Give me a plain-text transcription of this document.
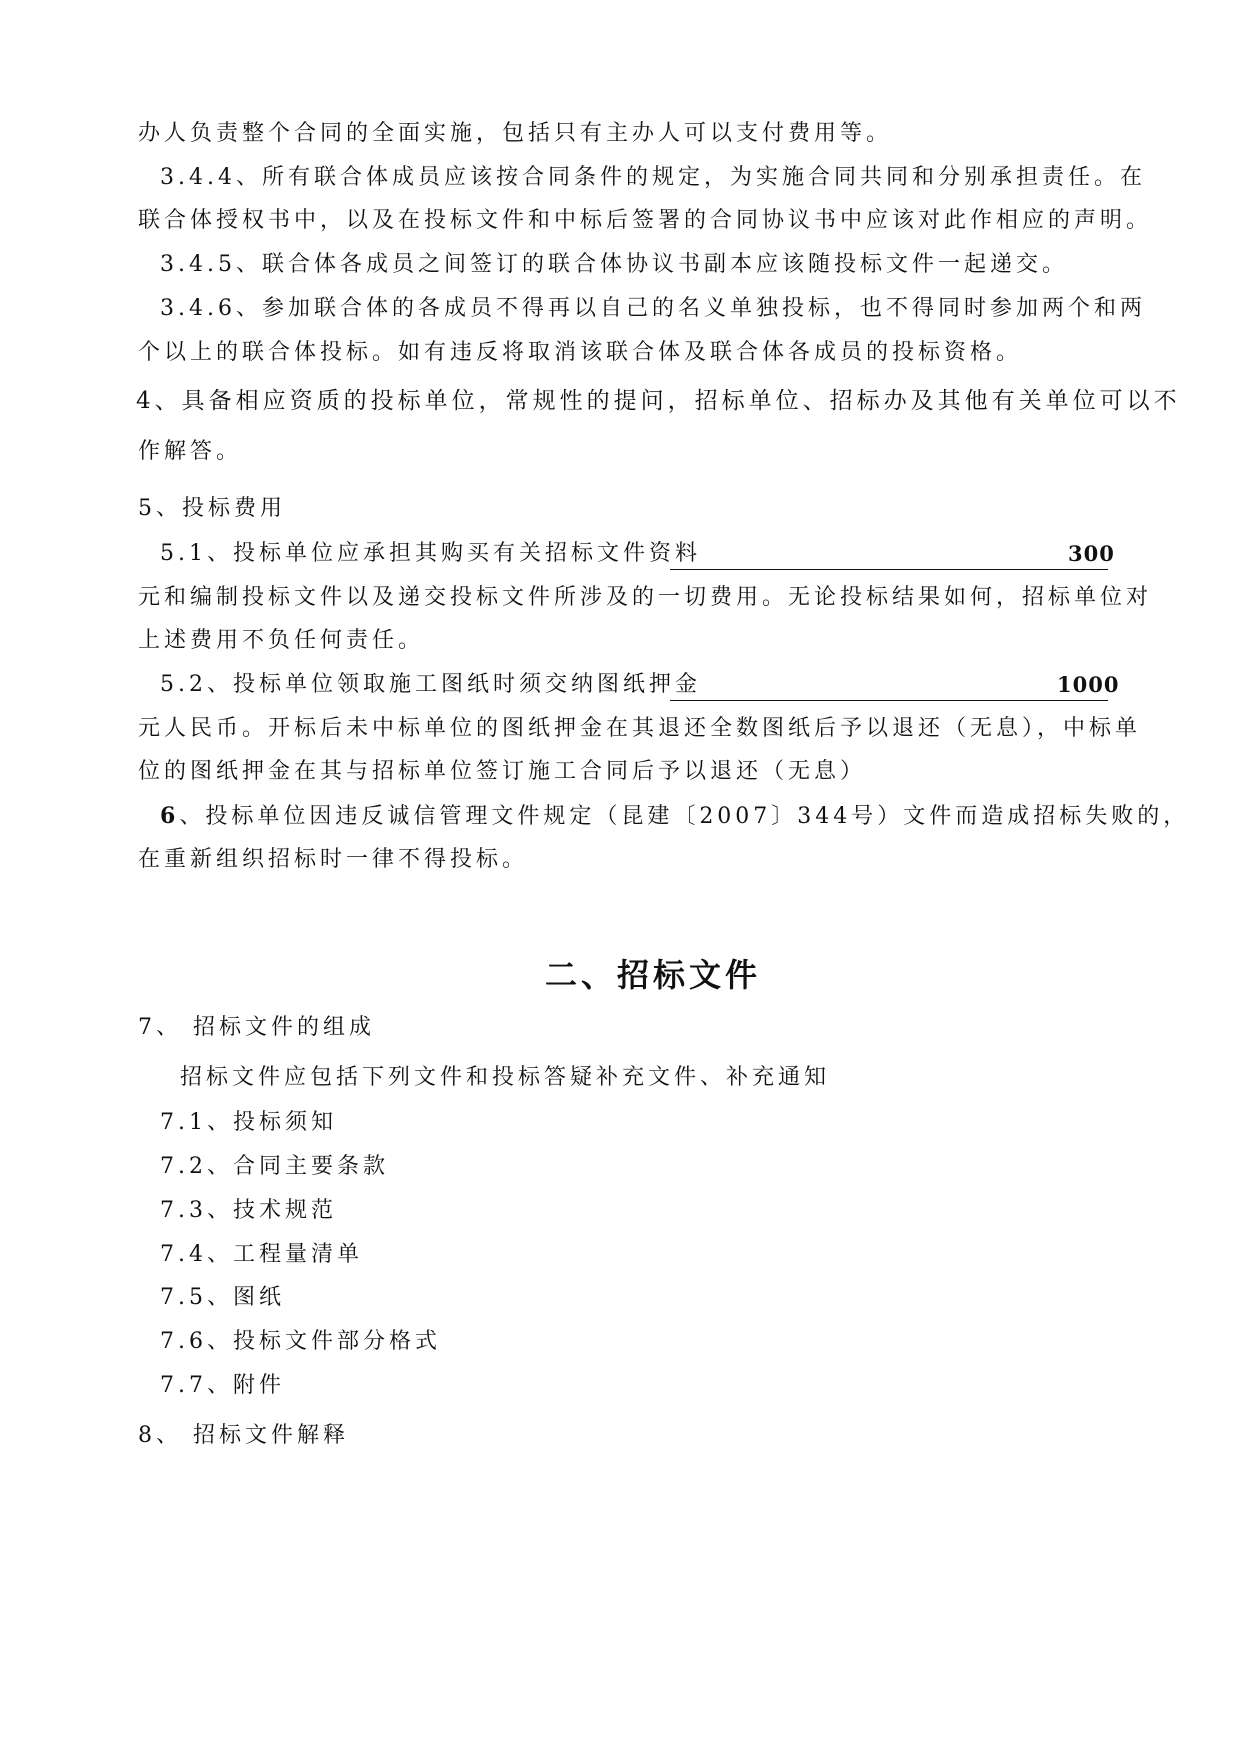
办人负责整个合同的全面实施，包括只有主办人可以支付费用等。
3.4.4、所有联合体成员应该按合同条件的规定，为实施合同共同和分别承担责任。在
联合体授权书中，以及在投标文件和中标后签署的合同协议书中应该对此作相应的声明。
3.4.5、联合体各成员之间签订的联合体协议书副本应该随投标文件一起递交。
3.4.6、参加联合体的各成员不得再以自己的名义单独投标，也不得同时参加两个和两
个以上的联合体投标。如有违反将取消该联合体及联合体各成员的投标资格。
4、具备相应资质的投标单位，常规性的提问，招标单位、招标办及其他有关单位可以不
作解答。
5、投标费用
5.1、投标单位应承担其购买有关招标文件资料	300
元和编制投标文件以及递交投标文件所涉及的一切费用。无论投标结果如何，招标单位对
上述费用不负任何责任。
5.2、投标单位领取施工图纸时须交纳图纸押金	1000
元人民币。开标后未中标单位的图纸押金在其退还全数图纸后予以退还（无息），中标单
位的图纸押金在其与招标单位签订施工合同后予以退还（无息）
6、投标单位因违反诚信管理文件规定（昆建〔2007〕344号）文件而造成招标失败的，
在重新组织招标时一律不得投标。
二、招标文件
7、 招标文件的组成
招标文件应包括下列文件和投标答疑补充文件、补充通知
7.1、投标须知
7.2、合同主要条款
7.3、技术规范
7.4、工程量清单
7.5、图纸
7.6、投标文件部分格式
7.7、附件
8、 招标文件解释
